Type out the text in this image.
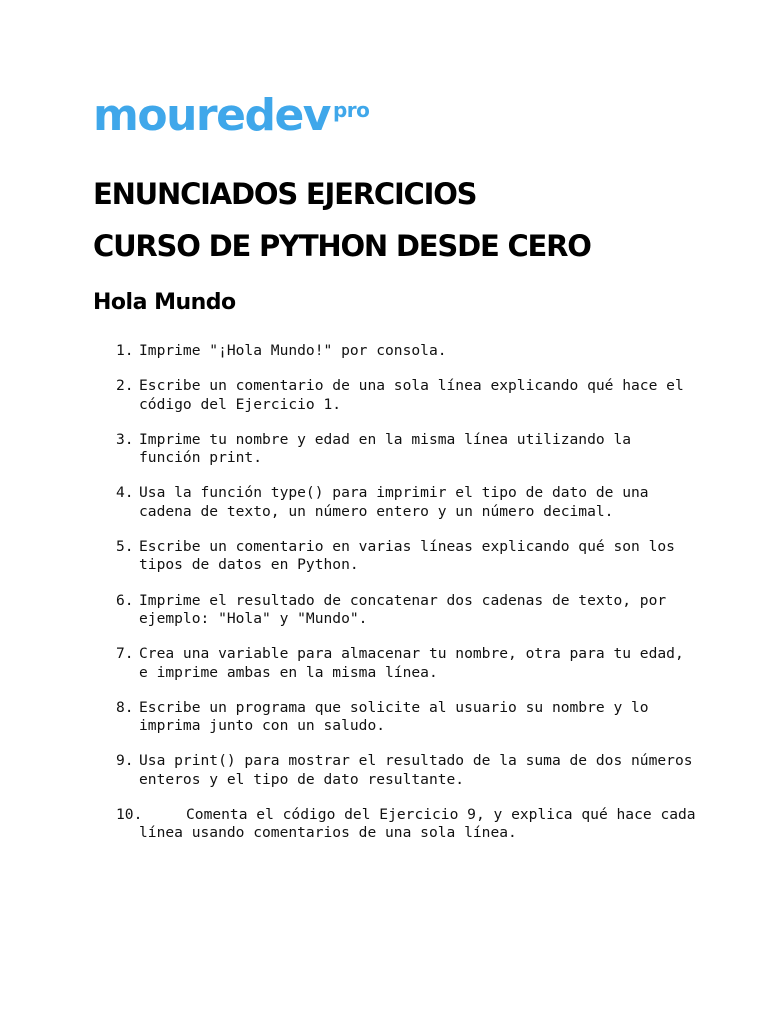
mouredev pro
ENUNCIADOS EJERCICIOS
CURSO DE PYTHON DESDE CERO
Hola Mundo
1. Imprime "¡Hola Mundo!" por consola.
2. Escribe un comentario de una sola línea explicando qué hace el código del Ejercicio 1.
3. Imprime tu nombre y edad en la misma línea utilizando la función print.
4. Usa la función type() para imprimir el tipo de dato de una cadena de texto, un número entero y un número decimal.
5. Escribe un comentario en varias líneas explicando qué son los tipos de datos en Python.
6. Imprime el resultado de concatenar dos cadenas de texto, por ejemplo: "Hola" y "Mundo".
7. Crea una variable para almacenar tu nombre, otra para tu edad, e imprime ambas en la misma línea.
8. Escribe un programa que solicite al usuario su nombre y lo imprima junto con un saludo.
9. Usa print() para mostrar el resultado de la suma de dos números enteros y el tipo de dato resultante.
10.	Comenta el código del Ejercicio 9, y explica qué hace cada línea usando comentarios de una sola línea.
